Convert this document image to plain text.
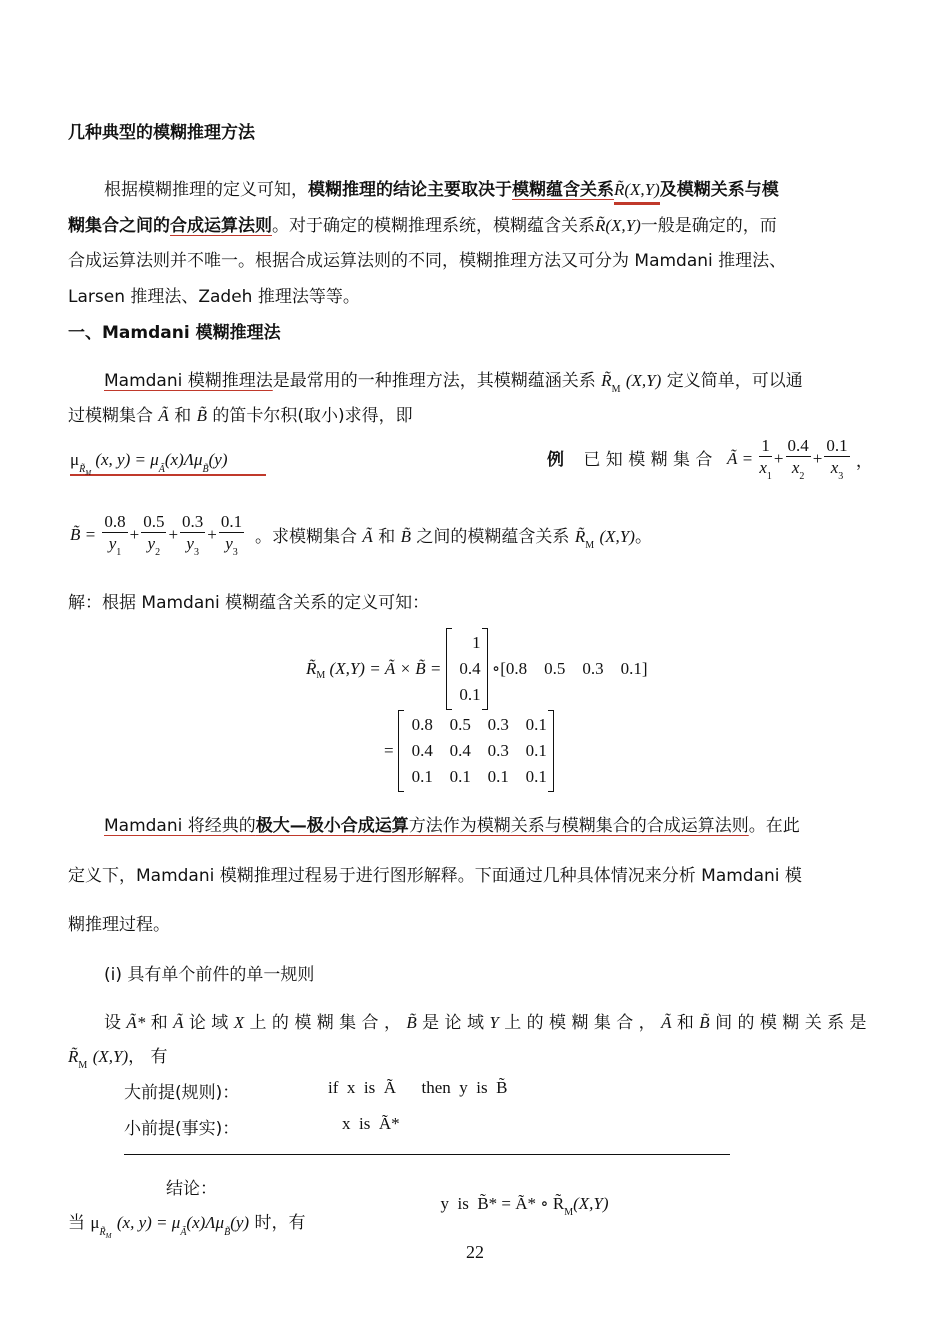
几种典型的模糊推理方法
根据模糊推理的定义可知，模糊推理的结论主要取决于模糊蕴含关系R̃(X,Y)及模糊关系与模
糊集合之间的合成运算法则。对于确定的模糊推理系统，模糊蕴含关系R̃(X,Y)一般是确定的，而
合成运算法则并不唯一。根据合成运算法则的不同，模糊推理方法又可分为 Mamdani 推理法、
Larsen 推理法、Zadeh 推理法等等。
一、Mamdani 模糊推理法
Mamdani 模糊推理法是最常用的一种推理方法，其模糊蕴涵关系 $R̃_M$ (X,Y) 定义简单，可以通
过模糊集合 Ã 和 B̃ 的笛卡尔积(取小)求得，即
$\mu_{R̃M}$ (x, $y) = \mu_Ã(x)\Lambda\mu_{B̃}(y)$	例 已 知 模 糊 集 合 Ã = $\frac{1}{x_1} + \frac{0.4}{x_2} + \frac{0.1}{x_3}$ ，
B̃ = $\frac{0.8}{y_1} + \frac{0.5}{y_2} + \frac{0.3}{y_3} + \frac{0.1}{y_3}$ 。求模糊集合 Ã 和 B̃ 之间的模糊蕴含关系 $R̃_M$ (X,Y)。
解：根据 Mamdani 模糊蕴含关系的定义可知：
$R̃_M$ (X,Y) = Ã × B̃ =
1
0.4
0.1
∘[0.8    0.5    0.3    0.1]
=
0.8 0.5 0.3 0.1
0.4 0.4 0.3 0.1
0.1 0.1 0.1 0.1
Mamdani 将经典的极大—极小合成运算方法作为模糊关系与模糊集合的合成运算法则。在此
定义下，Mamdani 模糊推理过程易于进行图形解释。下面通过几种具体情况来分析 Mamdani 模
糊推理过程。
(i) 具有单个前件的单一规则
设 Ã* 和 Ã 论 域 X 上 的 模 糊 集 合 ， B̃ 是 论 域 Y 上 的 模 糊 集 合 ， Ã 和 B̃ 间 的 模 糊 关 系 是
$R̃_M$ (X,Y)， 有
大前提(规则)：	if  x  is  Ã      then  y  is  B̃
小前提(事实)：	x  is  Ã*
结论：

y  is  B̃* = Ã* ∘ $R̃_M(X,Y)$

当 $\mu_{R̃M}$ (x, $y) = \mu_Ã(x)\Lambda\mu_{B̃}(y)$ 时，有
22
